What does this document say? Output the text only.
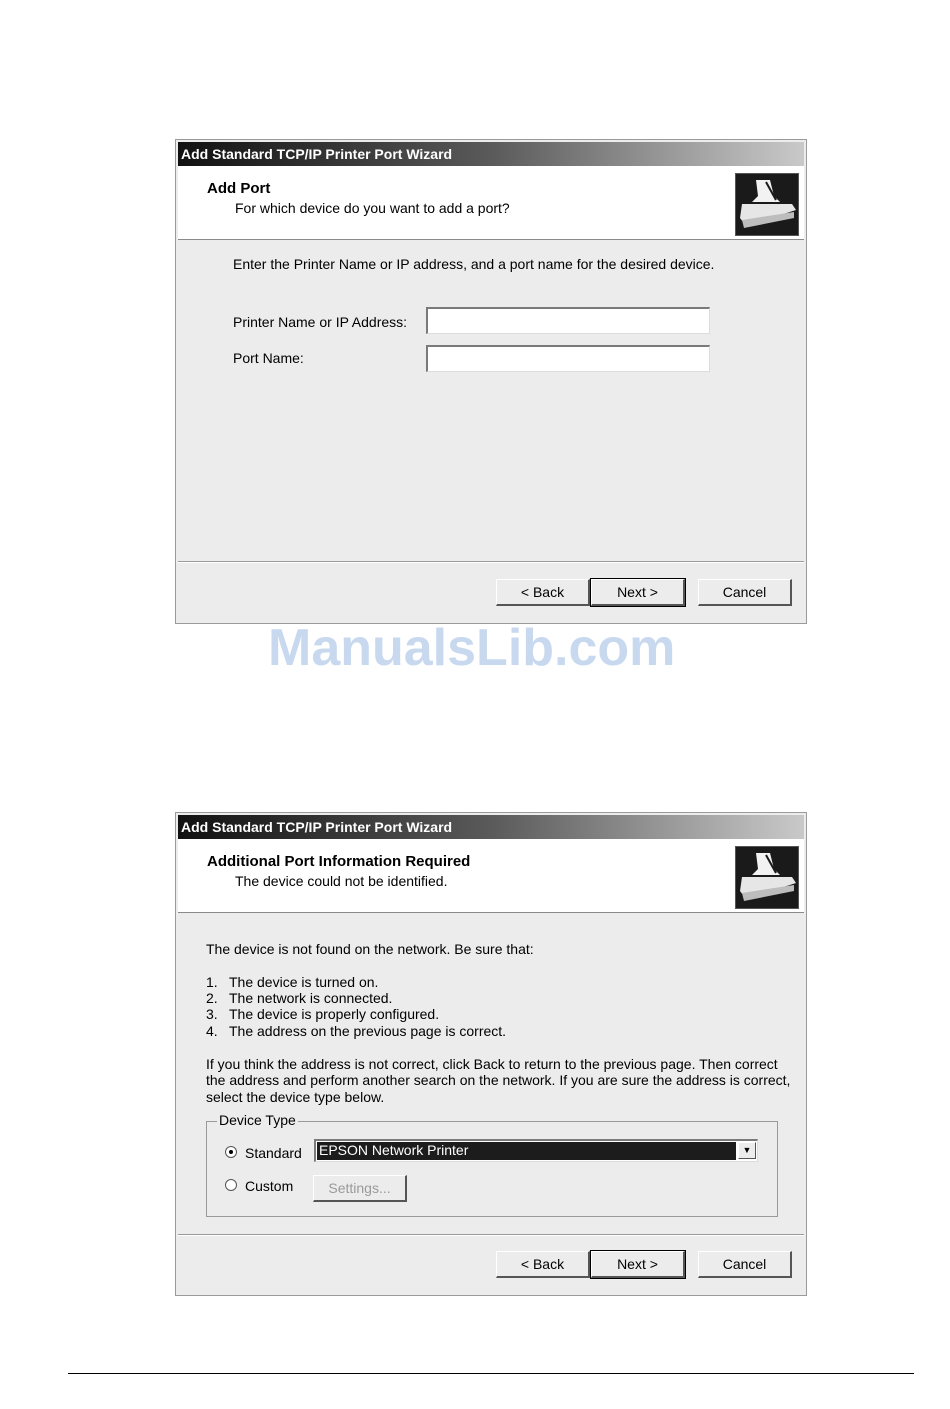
Add Standard TCP/IP Printer Port Wizard
Add Port
For which device do you want to add a port?
Enter the Printer Name or IP address, and a port name for the desired device.
Printer Name or IP Address:
Port Name:
< Back	Next >	Cancel
ManualsLib.com
Add Standard TCP/IP Printer Port Wizard
Additional Port Information Required
The device could not be identified.
The device is not found on the network. Be sure that:
1. The device is turned on.
2. The network is connected.
3. The device is properly configured.
4. The address on the previous page is correct.
If you think the address is not correct, click Back to return to the previous page. Then correct
the address and perform another search on the network. If you are sure the address is correct,
select the device type below.
Device Type
Standard EPSON Network Printer	▼
Custom	Settings...
< Back	Next >	Cancel
